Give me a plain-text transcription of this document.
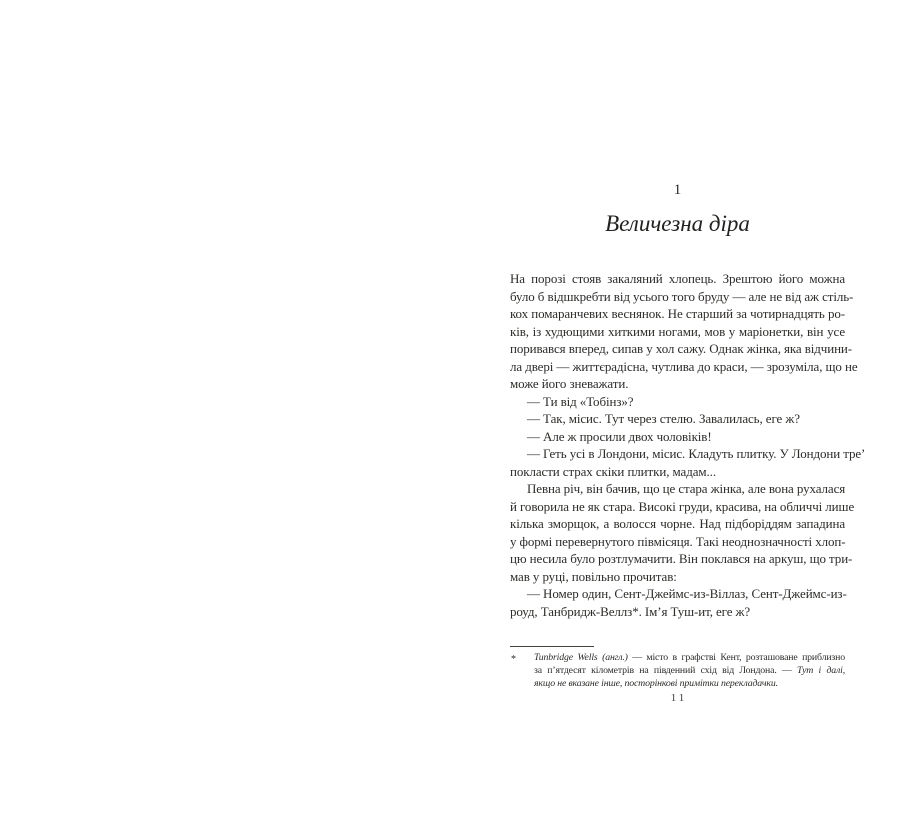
1
Величезна діра
На порозі стояв закаляний хлопець. Зрештою його можна
було б відшкребти від усього того бруду — але не від аж стіль-
кох помаранчевих веснянок. Не старший за чотирнадцять ро-
ків, із худющими хиткими ногами, мов у маріонетки, він усе
поривався вперед, сипав у хол сажу. Однак жінка, яка відчини-
ла двері — життєрадісна, чутлива до краси, — зрозуміла, що не
може його зневажати.
— Ти від «Тобінз»?
— Так, місис. Тут через стелю. Завалилась, еге ж?
— Але ж просили двох чоловіків!
— Геть усі в Лондони, місис. Кладуть плитку. У Лондони тре’
покласти страх скіки плитки, мадам...
Певна річ, він бачив, що це стара жінка, але вона рухалася
й говорила не як стара. Високі груди, красива, на обличчі лише
кілька зморщок, а волосся чорне. Над підборіддям западина
у формі перевернутого півмісяця. Такі неоднозначності хлоп-
цю несила було розтлумачити. Він поклався на аркуш, що три-
мав у руці, повільно прочитав:
— Номер один, Сент-Джеймс-из-Віллаз, Сент-Джеймс-из-
роуд, Танбридж-Веллз*. Ім’я Туш-ит, еге ж?
* Tunbridge Wells (англ.) — місто в графстві Кент, розташоване приблизно
за п’ятдесят кілометрів на південний схід від Лондона. — Тут і далі,
якщо не вказане інше, посторінкові примітки перекладачки.
11
